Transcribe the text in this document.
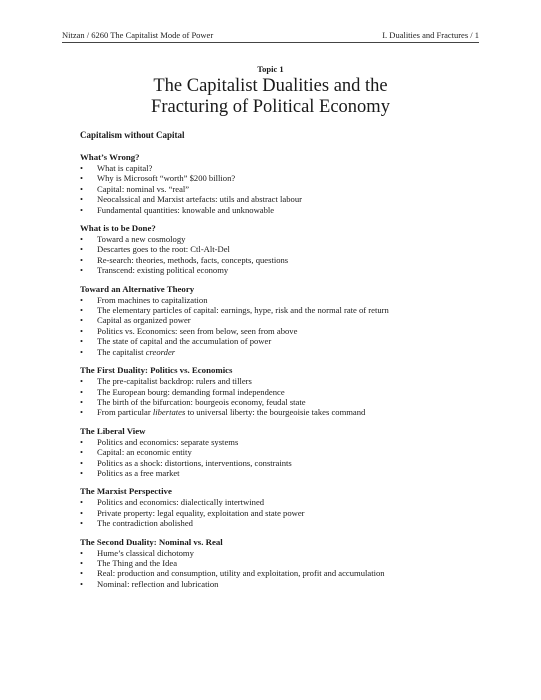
Nitzan / 6260 The Capitalist Mode of Power	I. Dualities and Fractures / 1
Topic 1
The Capitalist Dualities and the
Fracturing of Political Economy
Capitalism without Capital
What’s Wrong?
• What is capital?
• Why is Microsoft “worth” $200 billion?
• Capital: nominal vs. “real”
• Neocalssical and Marxist artefacts: utils and abstract labour
• Fundamental quantities: knowable and unknowable
What is to be Done?
• Toward a new cosmology
• Descartes goes to the root: Ctl-Alt-Del
• Re-search: theories, methods, facts, concepts, questions
• Transcend: existing political economy
Toward an Alternative Theory
• From machines to capitalization
• The elementary particles of capital: earnings, hype, risk and the normal rate of return
• Capital as organized power
• Politics vs. Economics: seen from below, seen from above
• The state of capital and the accumulation of power
• The capitalist creorder
The First Duality: Politics vs. Economics
• The pre-capitalist backdrop: rulers and tillers
• The European bourg: demanding formal independence
• The birth of the bifurcation: bourgeois economy, feudal state
• From particular libertates to universal liberty: the bourgeoisie takes command
The Liberal View
• Politics and economics: separate systems
• Capital: an economic entity
• Politics as a shock: distortions, interventions, constraints
• Politics as a free market
The Marxist Perspective
• Politics and economics: dialectically intertwined
• Private property: legal equality, exploitation and state power
• The contradiction abolished
The Second Duality: Nominal vs. Real
• Hume’s classical dichotomy
• The Thing and the Idea
• Real: production and consumption, utility and exploitation, profit and accumulation
• Nominal: reflection and lubrication
